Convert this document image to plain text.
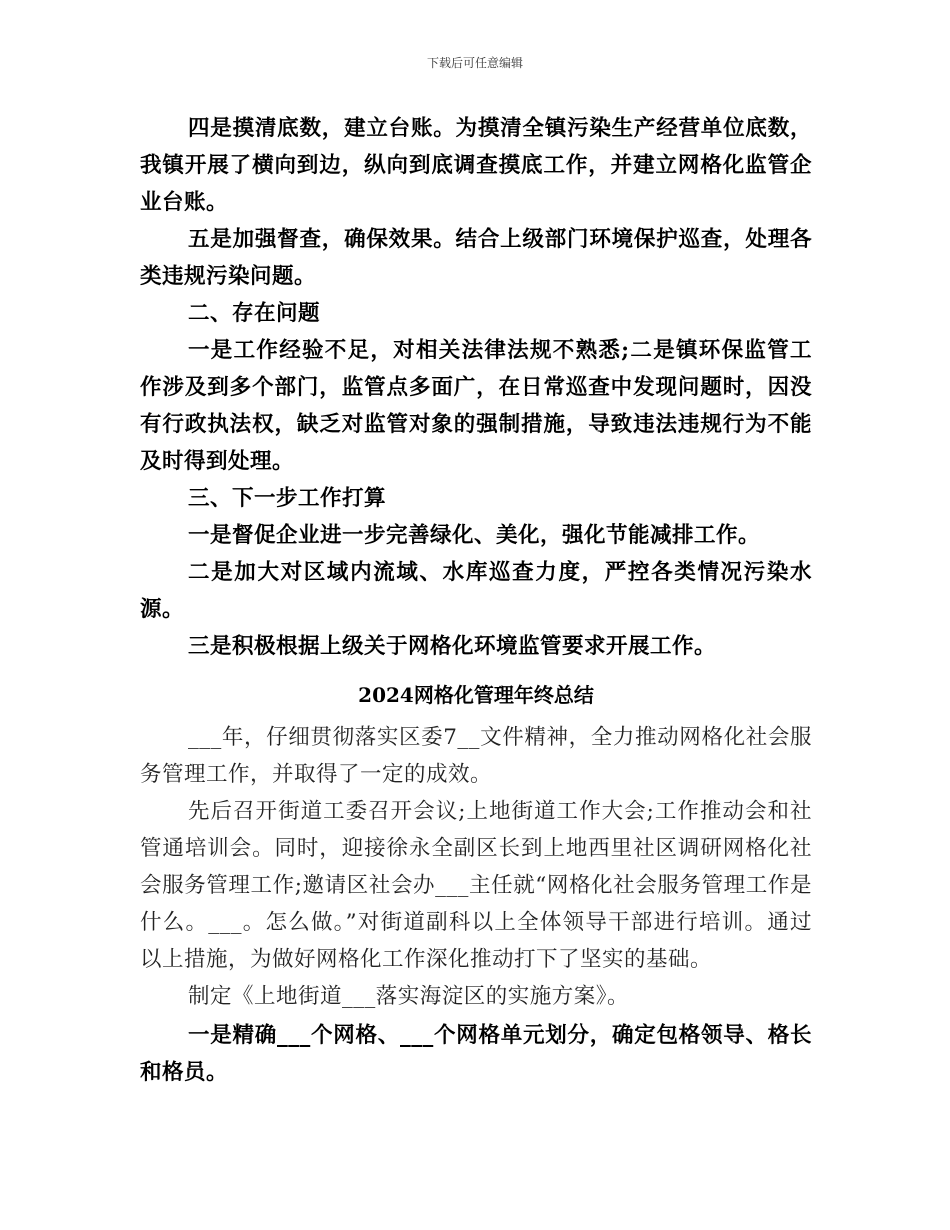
下载后可任意编辑

四是摸清底数，建立台账。为摸清全镇污染生产经营单位底数，我镇开展了横向到边，纵向到底调查摸底工作，并建立网格化监管企业台账。

五是加强督查，确保效果。结合上级部门环境保护巡查，处理各类违规污染问题。

二、存在问题

一是工作经验不足，对相关法律法规不熟悉;二是镇环保监管工作涉及到多个部门，监管点多面广，在日常巡查中发现问题时，因没有行政执法权，缺乏对监管对象的强制措施，导致违法违规行为不能及时得到处理。

三、下一步工作打算

一是督促企业进一步完善绿化、美化，强化节能减排工作。

二是加大对区域内流域、水库巡查力度，严控各类情况污染水源。

三是积极根据上级关于网格化环境监管要求开展工作。

2024网格化管理年终总结

___年，仔细贯彻落实区委7__文件精神，全力推动网格化社会服务管理工作，并取得了一定的成效。

先后召开街道工委召开会议;上地街道工作大会;工作推动会和社管通培训会。同时，迎接徐永全副区长到上地西里社区调研网格化社会服务管理工作;邀请区社会办___主任就“网格化社会服务管理工作是什么。___。怎么做。”对街道副科以上全体领导干部进行培训。通过以上措施，为做好网格化工作深化推动打下了坚实的基础。

制定《上地街道___落实海淀区的实施方案》。

一是精确___个网格、___个网格单元划分，确定包格领导、格长和格员。
